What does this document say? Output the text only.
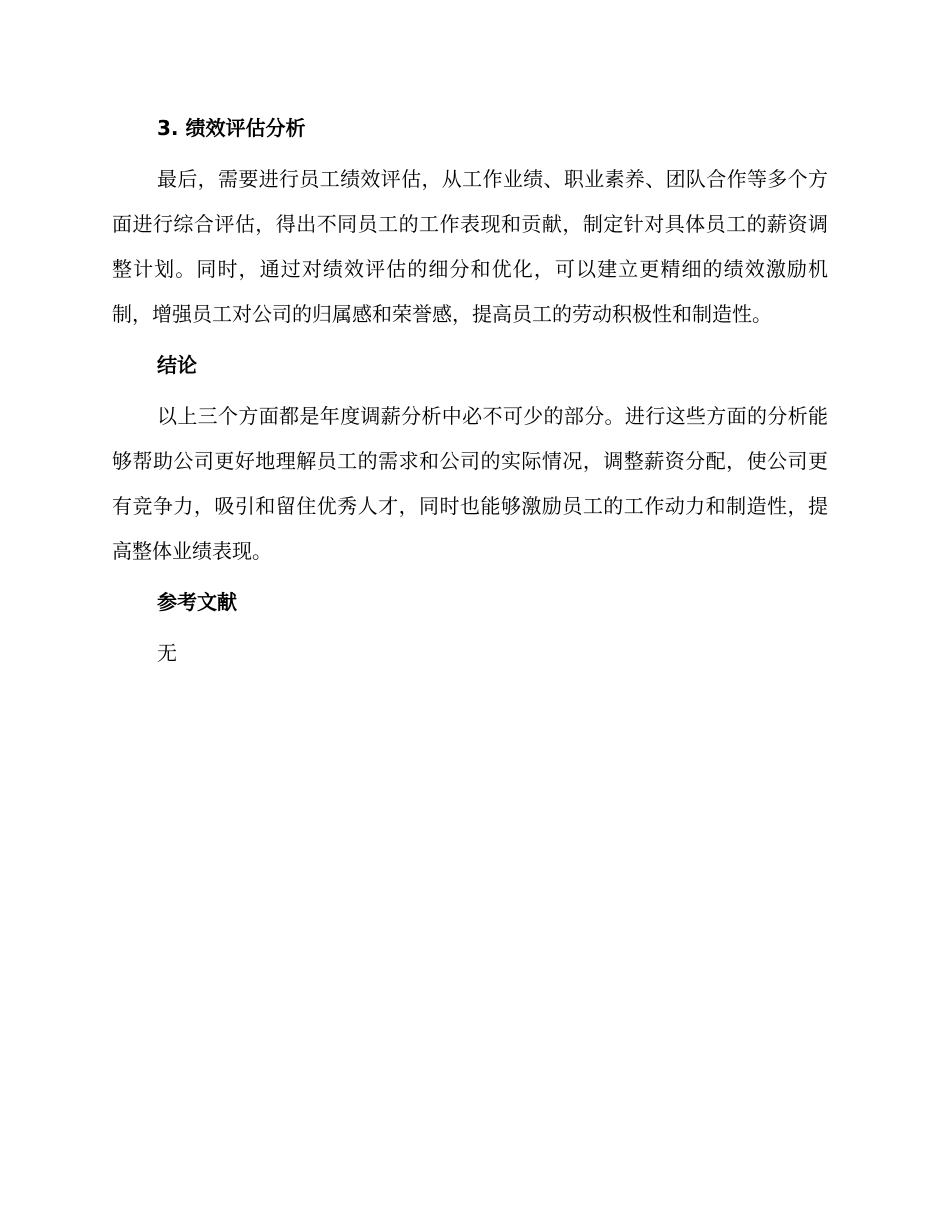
3. 绩效评估分析

最后，需要进行员工绩效评估，从工作业绩、职业素养、团队合作等多个方面进行综合评估，得出不同员工的工作表现和贡献，制定针对具体员工的薪资调整计划。同时，通过对绩效评估的细分和优化，可以建立更精细的绩效激励机制，增强员工对公司的归属感和荣誉感，提高员工的劳动积极性和制造性。

结论

以上三个方面都是年度调薪分析中必不可少的部分。进行这些方面的分析能够帮助公司更好地理解员工的需求和公司的实际情况，调整薪资分配，使公司更有竞争力，吸引和留住优秀人才，同时也能够激励员工的工作动力和制造性，提高整体业绩表现。

参考文献

无
